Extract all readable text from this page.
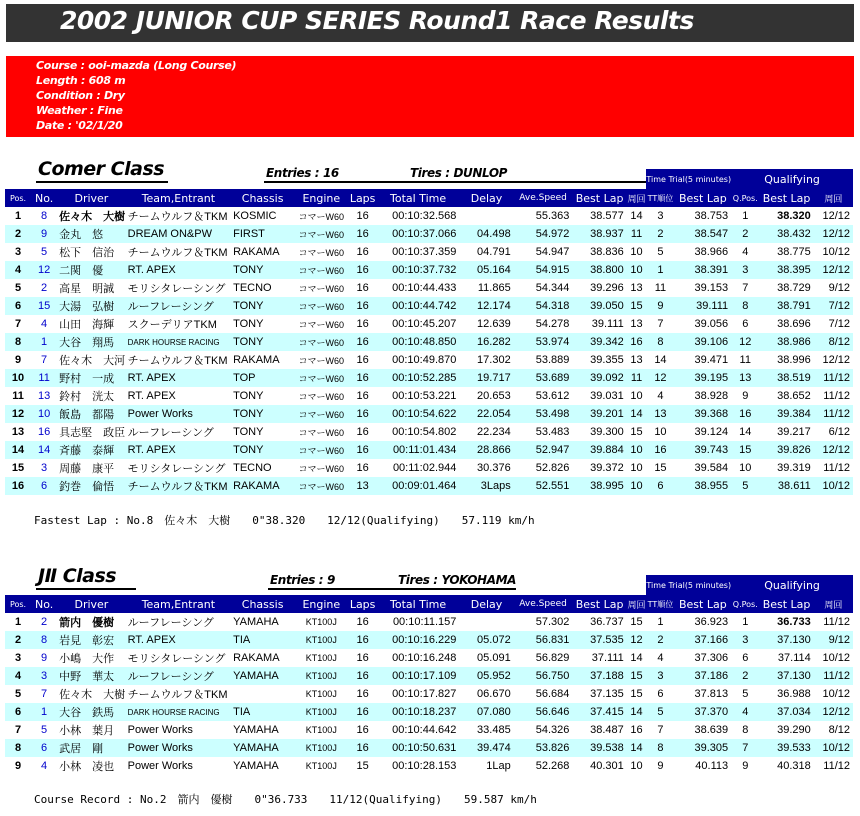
2002 JUNIOR CUP SERIES Round1 Race Results
Course : ooi-mazda (Long Course)
Length : 608 m
Condition : Dry
Weather : Fine
Date : '02/1/20
Comer Class	Entries : 16	Tires : DUNLOP
												Time Trial(5 minutes)		Qualifying		
Pos.	No.	Driver	Team,Entrant	Chassis	Engine	Laps	Total Time	Delay	Ave.Speed	Best Lap	周回	TT順位	Best Lap	Q.Pos.	Best Lap	周回
1	8	佐々木　大樹	チームウルフ＆TKM	KOSMIC	コマーW60	16	00:10:32.568		55.363	38.577	14	3	38.753	1	38.320	12/12
2	9	金丸　悠	DREAM ON&PW	FIRST	コマーW60	16	00:10:37.066	04.498	54.972	38.937	11	2	38.547	2	38.432	12/12
3	5	松下　信治	チームウルフ＆TKM	RAKAMA	コマーW60	16	00:10:37.359	04.791	54.947	38.836	10	5	38.966	4	38.775	10/12
4	12	二関　優	RT. APEX	TONY	コマーW60	16	00:10:37.732	05.164	54.915	38.800	10	1	38.391	3	38.395	12/12
5	2	高星　明誠	モリシタレーシング	TECNO	コマーW60	16	00:10:44.433	11.865	54.344	39.296	13	11	39.153	7	38.729	9/12
6	15	大湯　弘樹	ルーフレーシング	TONY	コマーW60	16	00:10:44.742	12.174	54.318	39.050	15	9	39.111	8	38.791	7/12
7	4	山田　海輝	スクーデリアTKM	TONY	コマーW60	16	00:10:45.207	12.639	54.278	39.111	13	7	39.056	6	38.696	7/12
8	1	大谷　翔馬	DARK HOURSE RACING	TONY	コマーW60	16	00:10:48.850	16.282	53.974	39.342	16	8	39.106	12	38.986	8/12
9	7	佐々木　大河	チームウルフ＆TKM	RAKAMA	コマーW60	16	00:10:49.870	17.302	53.889	39.355	13	14	39.471	11	38.996	12/12
10	11	野村　一成	RT. APEX	TOP	コマーW60	16	00:10:52.285	19.717	53.689	39.092	11	12	39.195	13	38.519	11/12
11	13	鈴村　洸太	RT. APEX	TONY	コマーW60	16	00:10:53.221	20.653	53.612	39.031	10	4	38.928	9	38.652	11/12
12	10	飯島　都陽	Power Works	TONY	コマーW60	16	00:10:54.622	22.054	53.498	39.201	14	13	39.368	16	39.384	11/12
13	16	具志堅　政臣	ルーフレーシング	TONY	コマーW60	16	00:10:54.802	22.234	53.483	39.300	15	10	39.124	14	39.217	6/12
14	14	斉藤　泰輝	RT. APEX	TONY	コマーW60	16	00:11:01.434	28.866	52.947	39.884	10	16	39.743	15	39.826	12/12
15	3	周藤　康平	モリシタレーシング	TECNO	コマーW60	16	00:11:02.944	30.376	52.826	39.372	10	15	39.584	10	39.319	11/12
16	6	釣巻　倫悟	チームウルフ＆TKM	RAKAMA	コマーW60	13	00:09:01.464	3Laps	52.551	38.995	10	6	38.955	5	38.611	10/12
Fastest Lap : No.8　佐々木　大樹　　0"38.320　　12/12(Qualifying)　　57.119 km/h
JⅡ Class	Entries : 9	Tires : YOKOHAMA
												Time Trial(5 minutes)		Qualifying		
Pos.	No.	Driver	Team,Entrant	Chassis	Engine	Laps	Total Time	Delay	Ave.Speed	Best Lap	周回	TT順位	Best Lap	Q.Pos.	Best Lap	周回
1	2	箭内　優樹	ルーフレーシング	YAMAHA	KT100J	16	00:10:11.157		57.302	36.737	15	1	36.923	1	36.733	11/12
2	8	岩見　彰宏	RT. APEX	TIA	KT100J	16	00:10:16.229	05.072	56.831	37.535	12	2	37.166	3	37.130	9/12
3	9	小嶋　大作	モリシタレーシング	RAKAMA	KT100J	16	00:10:16.248	05.091	56.829	37.111	14	4	37.306	6	37.114	10/12
4	3	中野　華太	ルーフレーシング	YAMAHA	KT100J	16	00:10:17.109	05.952	56.750	37.188	15	3	37.186	2	37.130	11/12
5	7	佐々木　大樹	チームウルフ＆TKM		KT100J	16	00:10:17.827	06.670	56.684	37.135	15	6	37.813	5	36.988	10/12
6	1	大谷　鉄馬	DARK HOURSE RACING	TIA	KT100J	16	00:10:18.237	07.080	56.646	37.415	14	5	37.370	4	37.034	12/12
7	5	小林　葉月	Power Works	YAMAHA	KT100J	16	00:10:44.642	33.485	54.326	38.487	16	7	38.639	8	39.290	8/12
8	6	武居　剛	Power Works	YAMAHA	KT100J	16	00:10:50.631	39.474	53.826	39.538	14	8	39.305	7	39.533	10/12
9	4	小林　凌也	Power Works	YAMAHA	KT100J	15	00:10:28.153	1Lap	52.268	40.301	10	9	40.113	9	40.318	11/12
Course Record : No.2　箭内　優樹　　0"36.733　　11/12(Qualifying)　　59.587 km/h
